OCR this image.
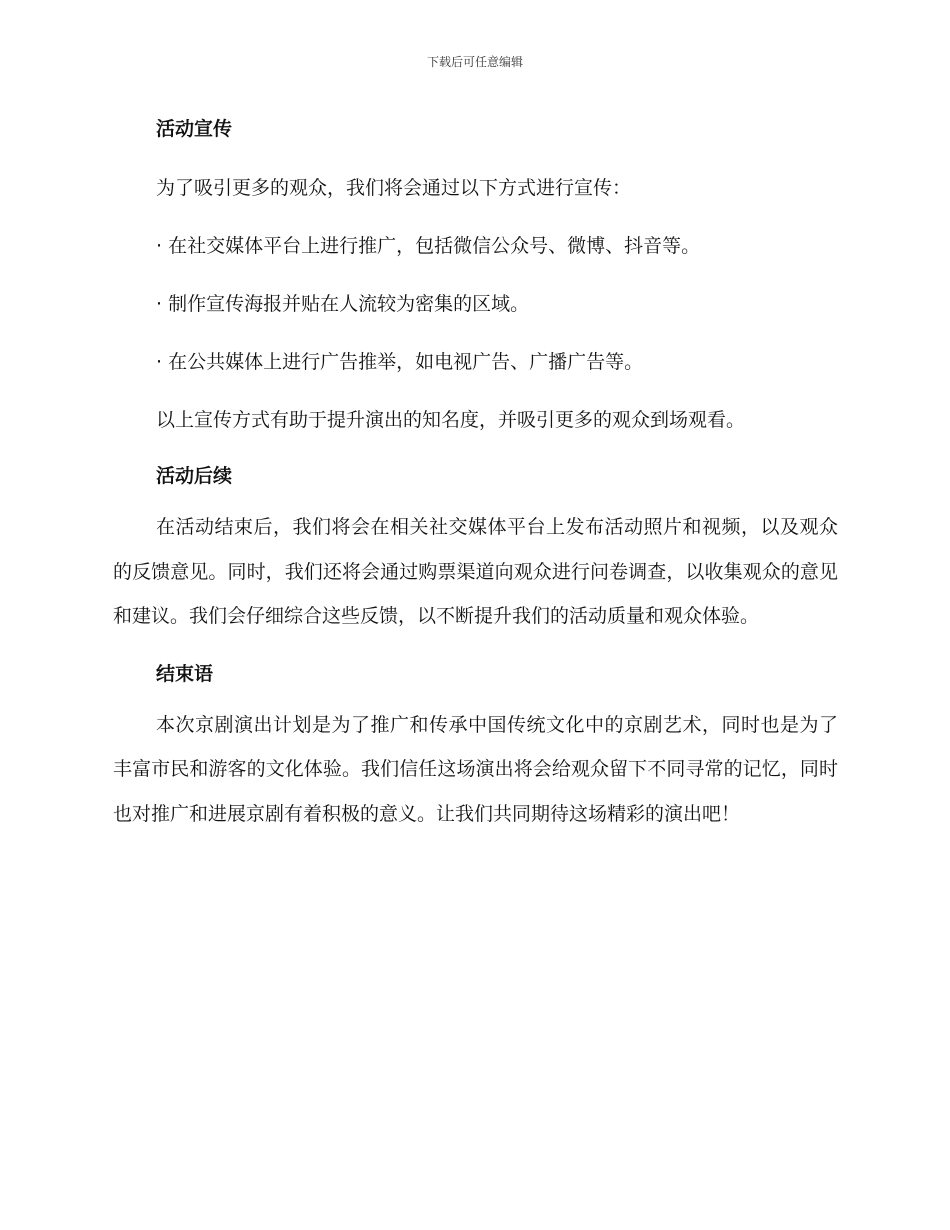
下载后可任意编辑
活动宣传
为了吸引更多的观众，我们将会通过以下方式进行宣传：
· 在社交媒体平台上进行推广，包括微信公众号、微博、抖音等。
· 制作宣传海报并贴在人流较为密集的区域。
· 在公共媒体上进行广告推举，如电视广告、广播广告等。
以上宣传方式有助于提升演出的知名度，并吸引更多的观众到场观看。
活动后续

在活动结束后，我们将会在相关社交媒体平台上发布活动照片和视频，以及观众的反馈意见。同时，我们还将会通过购票渠道向观众进行问卷调查，以收集观众的意见和建议。我们会仔细综合这些反馈，以不断提升我们的活动质量和观众体验。

结束语

本次京剧演出计划是为了推广和传承中国传统文化中的京剧艺术，同时也是为了丰富市民和游客的文化体验。我们信任这场演出将会给观众留下不同寻常的记忆，同时也对推广和进展京剧有着积极的意义。让我们共同期待这场精彩的演出吧！
